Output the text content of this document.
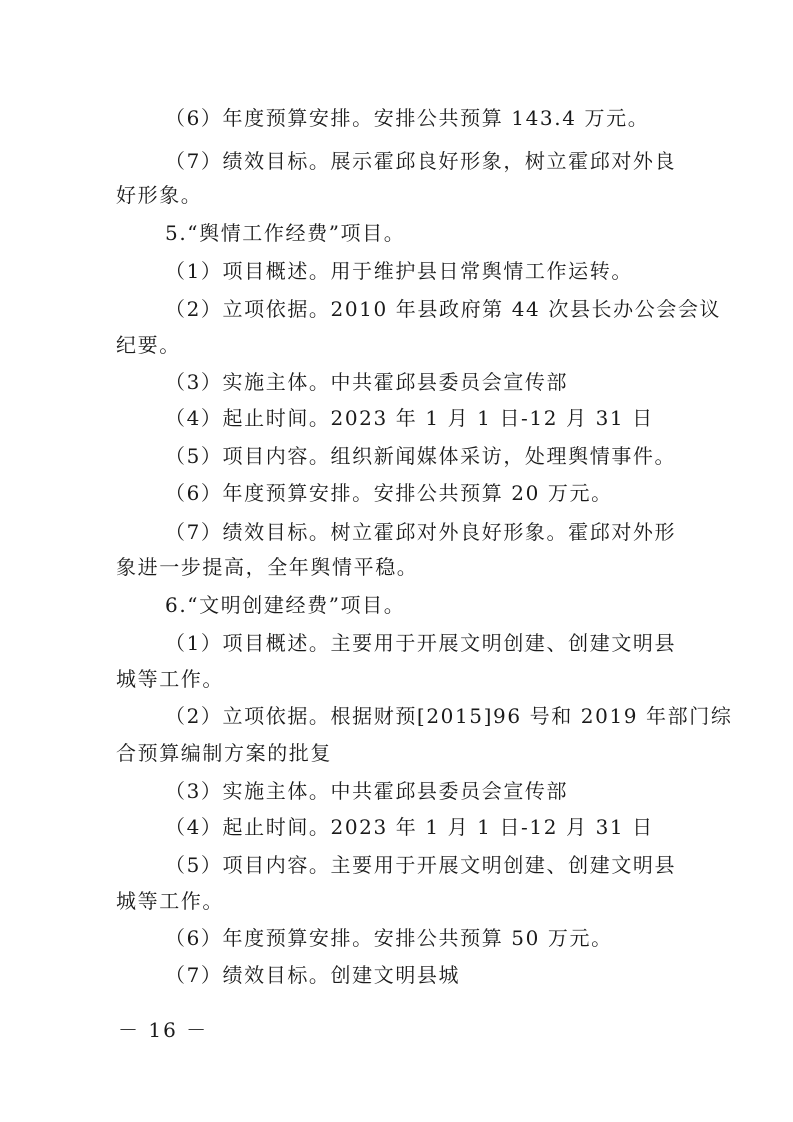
（6）年度预算安排。安排公共预算 143.4 万元。
（7）绩效目标。展示霍邱良好形象，树立霍邱对外良
好形象。
5.“舆情工作经费”项目。
（1）项目概述。用于维护县日常舆情工作运转。
（2）立项依据。2010 年县政府第 44 次县长办公会会议
纪要。
（3）实施主体。中共霍邱县委员会宣传部
（4）起止时间。2023 年 1 月 1 日-12 月 31 日
（5）项目内容。组织新闻媒体采访，处理舆情事件。
（6）年度预算安排。安排公共预算 20 万元。
（7）绩效目标。树立霍邱对外良好形象。霍邱对外形
象进一步提高，全年舆情平稳。
6.“文明创建经费”项目。
（1）项目概述。主要用于开展文明创建、创建文明县
城等工作。
（2）立项依据。根据财预[2015]96 号和 2019 年部门综
合预算编制方案的批复
（3）实施主体。中共霍邱县委员会宣传部
（4）起止时间。2023 年 1 月 1 日-12 月 31 日
（5）项目内容。主要用于开展文明创建、创建文明县
城等工作。
（6）年度预算安排。安排公共预算 50 万元。
（7）绩效目标。创建文明县城
－ 16 －
